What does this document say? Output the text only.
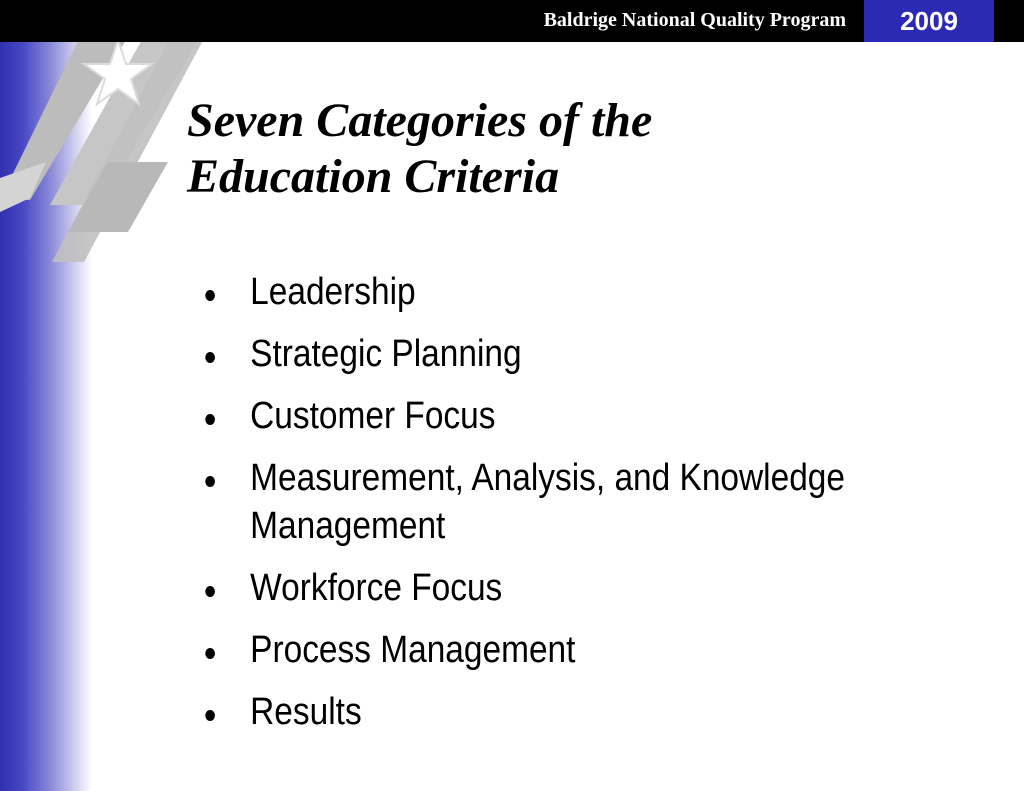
Baldrige National Quality Program 2009
Seven Categories of the
Education Criteria
Leadership
Strategic Planning
Customer Focus
Measurement, Analysis, and Knowledge Management
Workforce Focus
Process Management
Results
